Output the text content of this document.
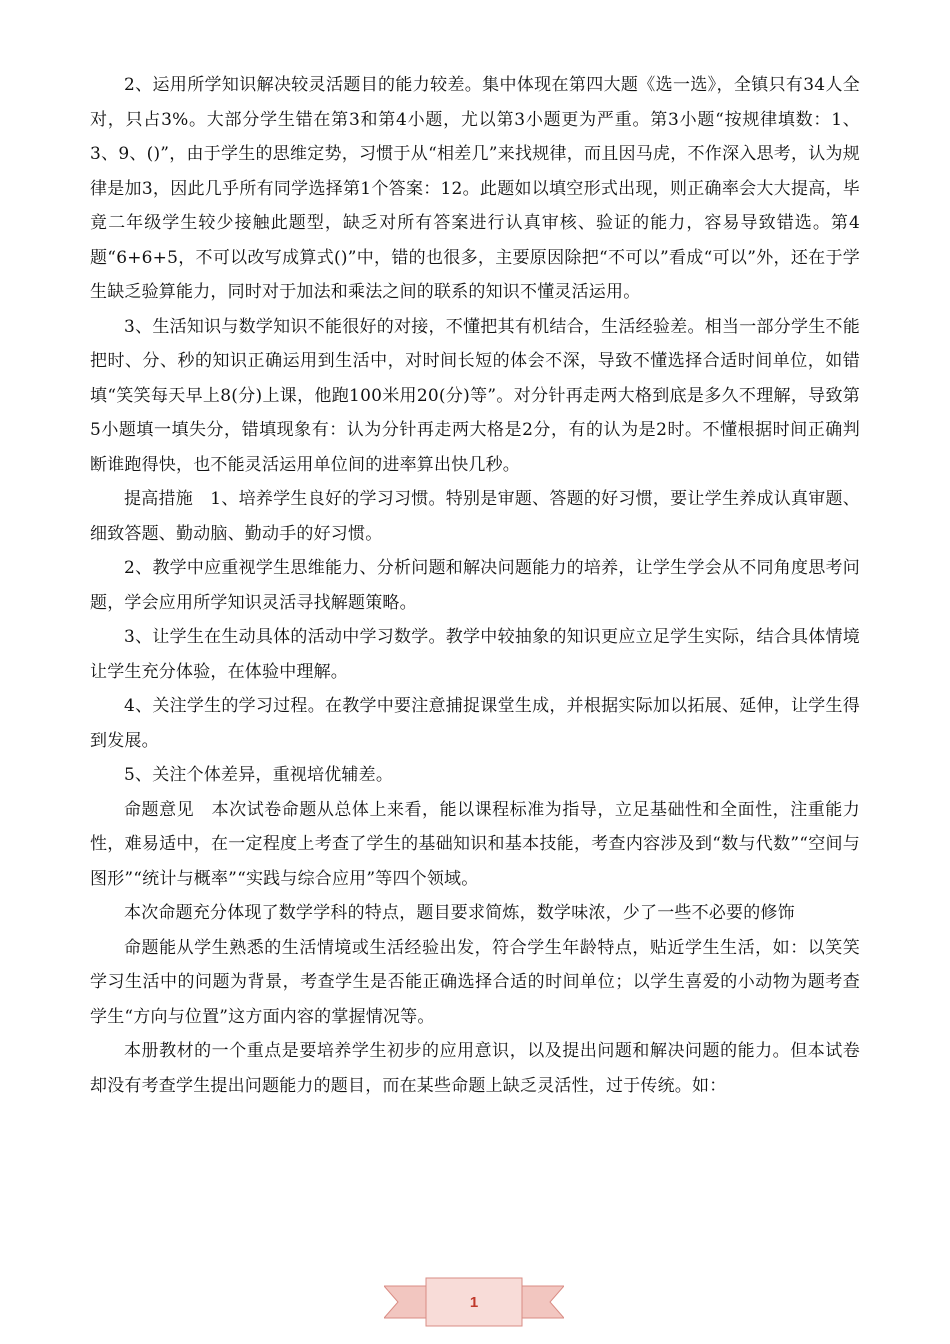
2、运用所学知识解决较灵活题目的能力较差。集中体现在第四大题《选一选》，全镇只有34人全对，只占3%。大部分学生错在第3和第4小题，尤以第3小题更为严重。第3小题“按规律填数：1、3、9、()”，由于学生的思维定势，习惯于从“相差几”来找规律，而且因马虎，不作深入思考，认为规律是加3，因此几乎所有同学选择第1个答案：12。此题如以填空形式出现，则正确率会大大提高，毕竟二年级学生较少接触此题型，缺乏对所有答案进行认真审核、验证的能力，容易导致错选。第4题“6+6+5，不可以改写成算式()”中，错的也很多，主要原因除把“不可以”看成“可以”外，还在于学生缺乏验算能力，同时对于加法和乘法之间的联系的知识不懂灵活运用。

3、生活知识与数学知识不能很好的对接，不懂把其有机结合，生活经验差。相当一部分学生不能把时、分、秒的知识正确运用到生活中，对时间长短的体会不深，导致不懂选择合适时间单位，如错填“笑笑每天早上8(分)上课，他跑100米用20(分)等”。对分针再走两大格到底是多久不理解，导致第5小题填一填失分，错填现象有：认为分针再走两大格是2分，有的认为是2时。不懂根据时间正确判断谁跑得快，也不能灵活运用单位间的进率算出快几秒。

提高措施　1、培养学生良好的学习习惯。特别是审题、答题的好习惯，要让学生养成认真审题、细致答题、勤动脑、勤动手的好习惯。

2、教学中应重视学生思维能力、分析问题和解决问题能力的培养，让学生学会从不同角度思考问题，学会应用所学知识灵活寻找解题策略。

3、让学生在生动具体的活动中学习数学。教学中较抽象的知识更应立足学生实际，结合具体情境让学生充分体验，在体验中理解。

4、关注学生的学习过程。在教学中要注意捕捉课堂生成，并根据实际加以拓展、延伸，让学生得到发展。

5、关注个体差异，重视培优辅差。

命题意见　本次试卷命题从总体上来看，能以课程标准为指导，立足基础性和全面性，注重能力性，难易适中，在一定程度上考查了学生的基础知识和基本技能，考查内容涉及到“数与代数”“空间与图形”“统计与概率”“实践与综合应用”等四个领域。

本次命题充分体现了数学学科的特点，题目要求简炼，数学味浓，少了一些不必要的修饰

命题能从学生熟悉的生活情境或生活经验出发，符合学生年龄特点，贴近学生生活，如：以笑笑学习生活中的问题为背景，考查学生是否能正确选择合适的时间单位；以学生喜爱的小动物为题考查学生“方向与位置”这方面内容的掌握情况等。

本册教材的一个重点是要培养学生初步的应用意识，以及提出问题和解决问题的能力。但本试卷却没有考查学生提出问题能力的题目，而在某些命题上缺乏灵活性，过于传统。如：

1
